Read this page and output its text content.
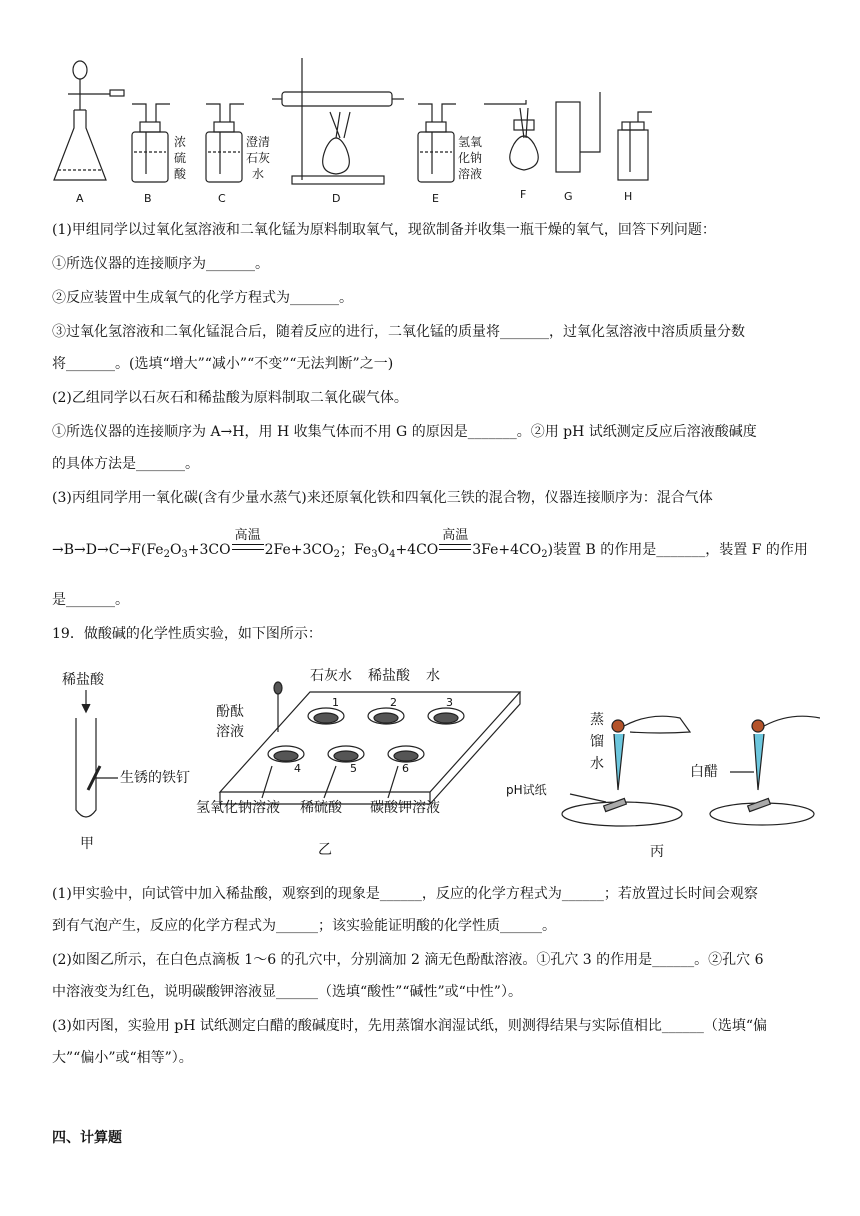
A	B	C	D	E	F	G	H
浓
硫
酸
澄清
石灰
水
氢氧
化钠
溶液
(1)甲组同学以过氧化氢溶液和二氧化锰为原料制取氧气，现欲制备并收集一瓶干燥的氧气，回答下列问题：
①所选仪器的连接顺序为_______。
②反应装置中生成氧气的化学方程式为_______。
③过氧化氢溶液和二氧化锰混合后，随着反应的进行，二氧化锰的质量将_______，过氧化氢溶液中溶质质量分数
将_______。(选填“增大”“减小”“不变”“无法判断”之一)
(2)乙组同学以石灰石和稀盐酸为原料制取二氧化碳气体。
①所选仪器的连接顺序为 A→H，用 H 收集气体而不用 G 的原因是_______。②用 pH 试纸测定反应后溶液酸碱度
的具体方法是_______。
(3)丙组同学用一氧化碳(含有少量水蒸气)来还原氧化铁和四氧化三铁的混合物，仪器连接顺序为：混合气体
$\to B\to D\to C\to F(Fe_2O_3+3CO$
高温
$2Fe+3CO_2$；$Fe_3O_4+4CO$
高温
$3Fe+4CO_2$)装置 B 的作用是_______，装置 F 的作用
是_______。
19．做酸碱的化学性质实验，如下图所示：
稀盐酸
生锈的铁钉
甲
石灰水 稀盐酸 水
酚酞
溶液
氢氧化钠溶液 稀硫酸 碳酸钾溶液
乙
1	2	3
4	5	6
蒸
馏
水
pH试纸
白醋
丙
(1)甲实验中，向试管中加入稀盐酸，观察到的现象是______，反应的化学方程式为______；若放置过长时间会观察
到有气泡产生，反应的化学方程式为______；该实验能证明酸的化学性质______。
(2)如图乙所示，在白色点滴板 1～6 的孔穴中，分别滴加 2 滴无色酚酞溶液。①孔穴 3 的作用是______。②孔穴 6
中溶液变为红色，说明碳酸钾溶液显______（选填“酸性”“碱性”或“中性”）。
(3)如丙图，实验用 pH 试纸测定白醋的酸碱度时，先用蒸馏水润湿试纸，则测得结果与实际值相比______（选填“偏
大”“偏小”或“相等”）。
四、计算题
